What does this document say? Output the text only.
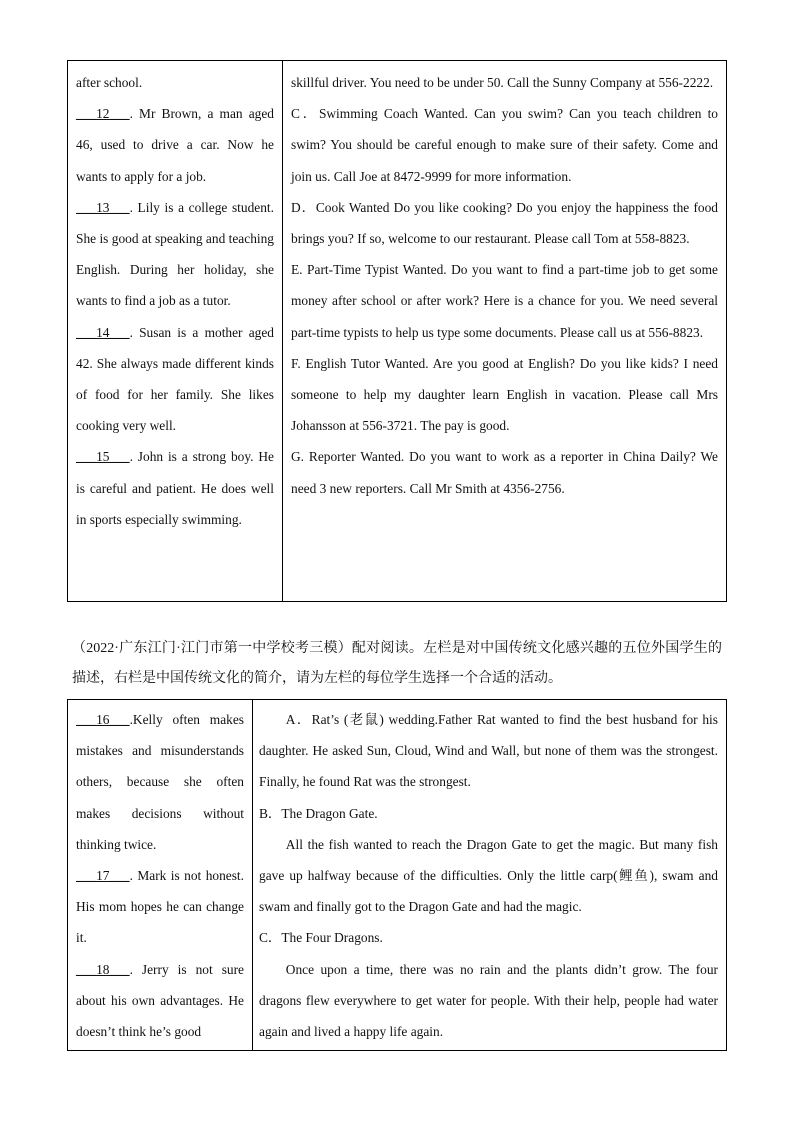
after school.

___12___. Mr Brown, a man aged 46, used to drive a car. Now he wants to apply for a job.

___13___. Lily is a college student. She is good at speaking and teaching English. During her holiday, she wants to find a job as a tutor.

___14___. Susan is a mother aged 42. She always made different kinds of food for her family. She likes cooking very well.

___15___. John is a strong boy. He is careful and patient. He does well in sports especially swimming.

skillful driver. You need to be under 50. Call the Sunny Company at 556-2222.

C．Swimming Coach Wanted. Can you swim? Can you teach children to swim? You should be careful enough to make sure of their safety. Come and join us. Call Joe at 8472-9999 for more information.

D．Cook Wanted Do you like cooking? Do you enjoy the happiness the food brings you? If so, welcome to our restaurant. Please call Tom at 558-8823.

E. Part-Time Typist Wanted. Do you want to find a part-time job to get some money after school or after work? Here is a chance for you. We need several part-time typists to help us type some documents. Please call us at 556-8823.

F. English Tutor Wanted. Are you good at English? Do you like kids? I need someone to help my daughter learn English in vacation. Please call Mrs Johansson at 556-3721. The pay is good.

G. Reporter Wanted. Do you want to work as a reporter in China Daily? We need 3 new reporters. Call Mr Smith at 4356-2756.

（2022·广东江门·江门市第一中学校考三模）配对阅读。左栏是对中国传统文化感兴趣的五位外国学生的描述，右栏是中国传统文化的简介，请为左栏的每位学生选择一个合适的活动。

___16___.Kelly often makes mistakes and misunderstands others, because she often makes decisions without thinking twice.

___17___. Mark is not honest. His mom hopes he can change it.

___18___. Jerry is not sure about his own advantages. He doesn’t think he’s good

A．Rat’s (老鼠) wedding.Father Rat wanted to find the best husband for his daughter. He asked Sun, Cloud, Wind and Wall, but none of them was the strongest. Finally, he found Rat was the strongest.

B．The Dragon Gate.

All the fish wanted to reach the Dragon Gate to get the magic. But many fish gave up halfway because of the difficulties. Only the little carp(鲤鱼), swam and swam and finally got to the Dragon Gate and had the magic.

C．The Four Dragons.

Once upon a time, there was no rain and the plants didn’t grow. The four dragons flew everywhere to get water for people. With their help, people had water again and lived a happy life again.
